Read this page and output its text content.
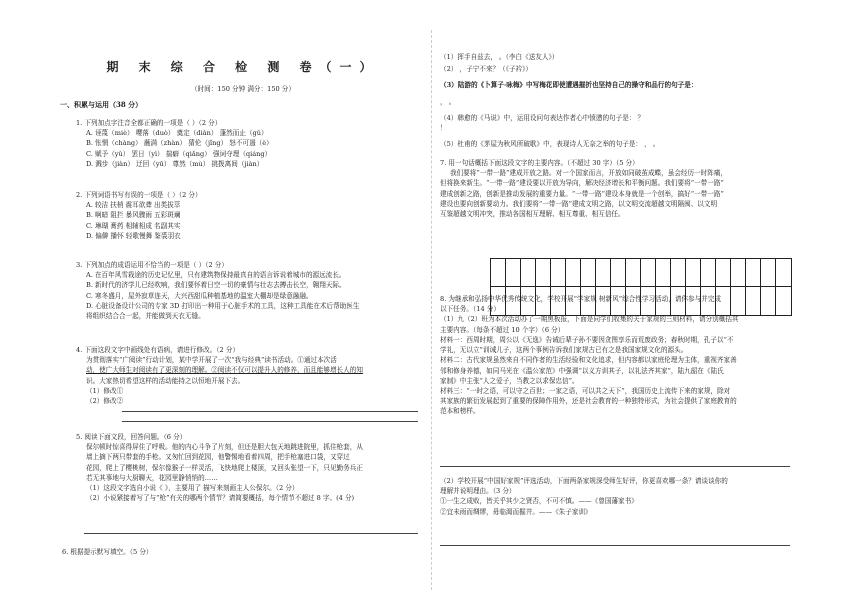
期 末 综 合 检 测 卷（一）
（时间：150 分钟 满分：150 分）
一、积累与运用（38 分）
1. 下列加点字注音全都正确的一项是（ ）（2 分）
A. 诬蔑（miè） 嘤落（duò） 奠定（diàn） 蓬然而止（gǔ）
B. 怅惘（chàng） 蘸满（zhàn） 猜伦（jǐng） 怒不可遏（è）
C. 赋予（yǔ） 罢日（yì） 揣癖（qiǎng） 强词夺理（qiáng）
D. 溅步（jiàn） 迂回（yū） 尊然（mù） 挑拨离间（jiàn）
2. 下列词语书写有误的一项是（ ）（2 分）
A. 较洁 扶梢 震耳欲聋 出类拔萃
B. 啊暗 阻拦 暴风骤雨 五彩斑斓
C. 琳瑚 膏药 相辅相成 名副其实
D. 偏僻 播怀 轻歌慢舞 鉴裘羽衣
3. 下列加点的成语运用不恰当的一项是（ ）（2 分）
A. 在百年风雪栽途的历史记忆里，只有建筑物保持最真自的语言诉说着城市的源远流长。
B. 新时代的济学儿已经吹响，我们要怀着日空一切的豪情与壮志去搏击长空，翱翔天际。
C. 寒冬盛月，屋外寂草连天，大兴西甜瓜种植基地的温室大棚却是绿意融融。
D. 心脏设备设计公司的专家 3D 打印出一种用于心脏手术的工具，这种工具能在术后帮助医生
将组织结合合一起，并能做到天衣无缝。
4. 下面这段文字中画线处有语病，请进行修改。（2 分）
为贯彻落实“广阅读”行动计划，某中学开展了一次“我与经典”读书活动。①通过本次活
动，使广大师生对阅读有了更深刻的理解。②阅读不仅可以提升人的修养，而且能够增长人的知
识。大家热切希望这样的活动能持之以恒地开展下去。
（1）修改①
（2）修改②
5. 阅读下面文段，回答问题。（6 分）
保尔顿时惊喜得屏住了呼吸。他的内心斗争了片刻，但还是胆大包天地跳进院里，抓住枪套，从
墙上摘下两只带套的手枪。又匆忙回到花园，他警惕地看着四周，把手枪塞进口袋，又穿过
花园，爬上了樱桃树，保尔像猴子一样灵活，飞快地爬上楼顶，又回头张望一下，只见勤务兵正
若无其事地与大厨聊天，花园里静悄悄的……
（1）这段文字选自小说《 》，主要用了 描写来刻画主人公保尔。（2 分）
（2）小说紧接着写了与“枪”有关的哪两个情节？请简要概括，每个情节不超过 8 字。(4 分)
6. 根据提示默写填空。（5 分）
（1）挥手自兹去， 。（李白《送友人》）
（2） ，子宁不来？（《子衿》）
（3）陆游的《卜算子·咏梅》中写梅花即使遭遇摧折也坚持自己的操守和品行的句子是：
， 。
（4）韩愈的《马说》中，运用设问句表达作者心中愤懑的句子是： ？
！
（5）杜甫的《茅屋为秋风所破歌》中，表现诗人无奈之举的句子是： ， 。
7. 用一句话概括下面这段文字的主要内容。（不超过 30 字）（5 分）
我们要将“一带一路”建成开放之路。对一个国家而言，开放如同破茧成蝶，虽会经历一时阵痛，
但将换来新生。“一带一路”建设要以开放为导向，解决经济增长和平衡问题。我们要将“一带一路”
建成创新之路，创新是推动发展的重要力量。“一带一路”建设本身就是一个创举，搞好“一带一路”
建设也要向创新要动力。我们要将“一带一路”建成文明之路，以文明交流超越文明隔阂、以文明
互鉴超越文明冲突，推动各国相互理解、相互尊重、相互信任。
8. 为继承和弘扬中华优秀传统文化，学校开展“学家规 树新风”综合性学习活动，请你参与并完成
以下任务。（14 分）
（1）九（2）班为本次活动办了一期黑板报，下面是同学们收集的关于家规的三则材料，请分别概括其
主要内容。（每条不超过 10 个字）（6 分）
材料一：西周时期，周公以《无逸》告诫后辈子孙不要因贪图享乐而荒废政务；春秋时期，孔子以“不
学礼，无以立”训诫儿子，这两个事例告诉我们家规古已有之是我国家规文化的源头。
材料二：古代家规虽然来自不同作者的生活经验和文化追求，但内容都以家庭伦理为主体，重视齐家善
邻和修身养德，如同马光在《温公家范》中强调“以义方训其子，以礼法齐其家”，陆九韶在《陆氏
家制》中主张“人之爱子，当教之以求保忠信”。
材料三：“一时之语，可以守之百世；一家之语，可以共之天下”，我国历史上流传下来的家规，除对
其家族的繁衍发展起到了重要的保障作用外，还是社会教育的一种独特形式，为社会提供了家庭教育的
范本和榜样。
（2）学校开展“中国好家规”评选活动，下面两条家规深受师生好评，你更喜欢哪一条？请谈谈你的
理解并说明理由。（3 分）
①一生之成败，皆关乎其少之贤否，不可不慎。——《曾国藩家书》
②宜未雨而绸缪，毋临渴而掘井。——《朱子家训》
